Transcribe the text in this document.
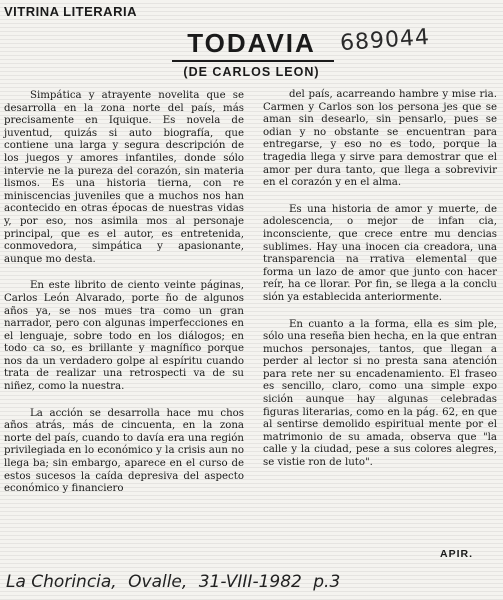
VITRINA LITERARIA
689044
TODAVIA
(DE CARLOS LEON)

Simpática y atrayente novelita que se desarrolla en la zona norte del país, más precisamente en Iquique. Es novela de juventud, quizás si auto biografía, que contiene una larga y segura descripción de los juegos y amores infantiles, donde sólo intervie ne la pureza del corazón, sin materia lismos. Es una historia tierna, con re miniscencias juveniles que a muchos nos han acontecido en otras épocas de nuestras vidas y, por eso, nos asimila mos al personaje principal, que es el autor, es entretenida, conmovedora, simpática y apasionante, aunque mo desta.

En este librito de ciento veinte páginas, Carlos León Alvarado, porte ño de algunos años ya, se nos mues tra como un gran narrador, pero con algunas imperfecciones en el lenguaje, sobre todo en los diálogos; en todo ca so, es brillante y magnífico porque nos da un verdadero golpe al espíritu cuando trata de realizar una retrospecti va de su niñez, como la nuestra.

La acción se desarrolla hace mu chos años atrás, más de cincuenta, en la zona norte del país, cuando to davía era una región privilegiada en lo económico y la crisis aun no llega ba; sin embargo, aparece en el curso de estos sucesos la caída depresiva del aspecto económico y financiero

del país, acarreando hambre y mise ria. Carmen y Carlos son los persona jes que se aman sin desearlo, sin pensarlo, pues se odian y no obstante se encuentran para entregarse, y eso no es todo, porque la tragedia llega y sirve para demostrar que el amor per dura tanto, que llega a sobrevivir en el corazón y en el alma.

Es una historia de amor y muerte, de adolescencia, o mejor de infan cia, inconsciente, que crece entre mu dencias sublimes. Hay una inocen cia creadora, una transparencia na rrativa elemental que forma un lazo de amor que junto con hacer reír, ha ce llorar. Por fin, se llega a la conclu sión ya establecida anteriormente.

En cuanto a la forma, ella es sim ple, sólo una reseña bien hecha, en la que entran muchos personajes, tantos, que llegan a perder al lector si no presta sana atención para rete ner su encadenamiento. El fraseo es sencillo, claro, como una simple expo sición aunque hay algunas celebradas figuras literarias, como en la pág. 62, en que al sentirse demolido espiritual mente por el matrimonio de su amada, observa que "la calle y la ciudad, pese a sus colores alegres, se vistie ron de luto".

APIR.
La Chorincia, Ovalle, 31-VIII-1982 p.3
